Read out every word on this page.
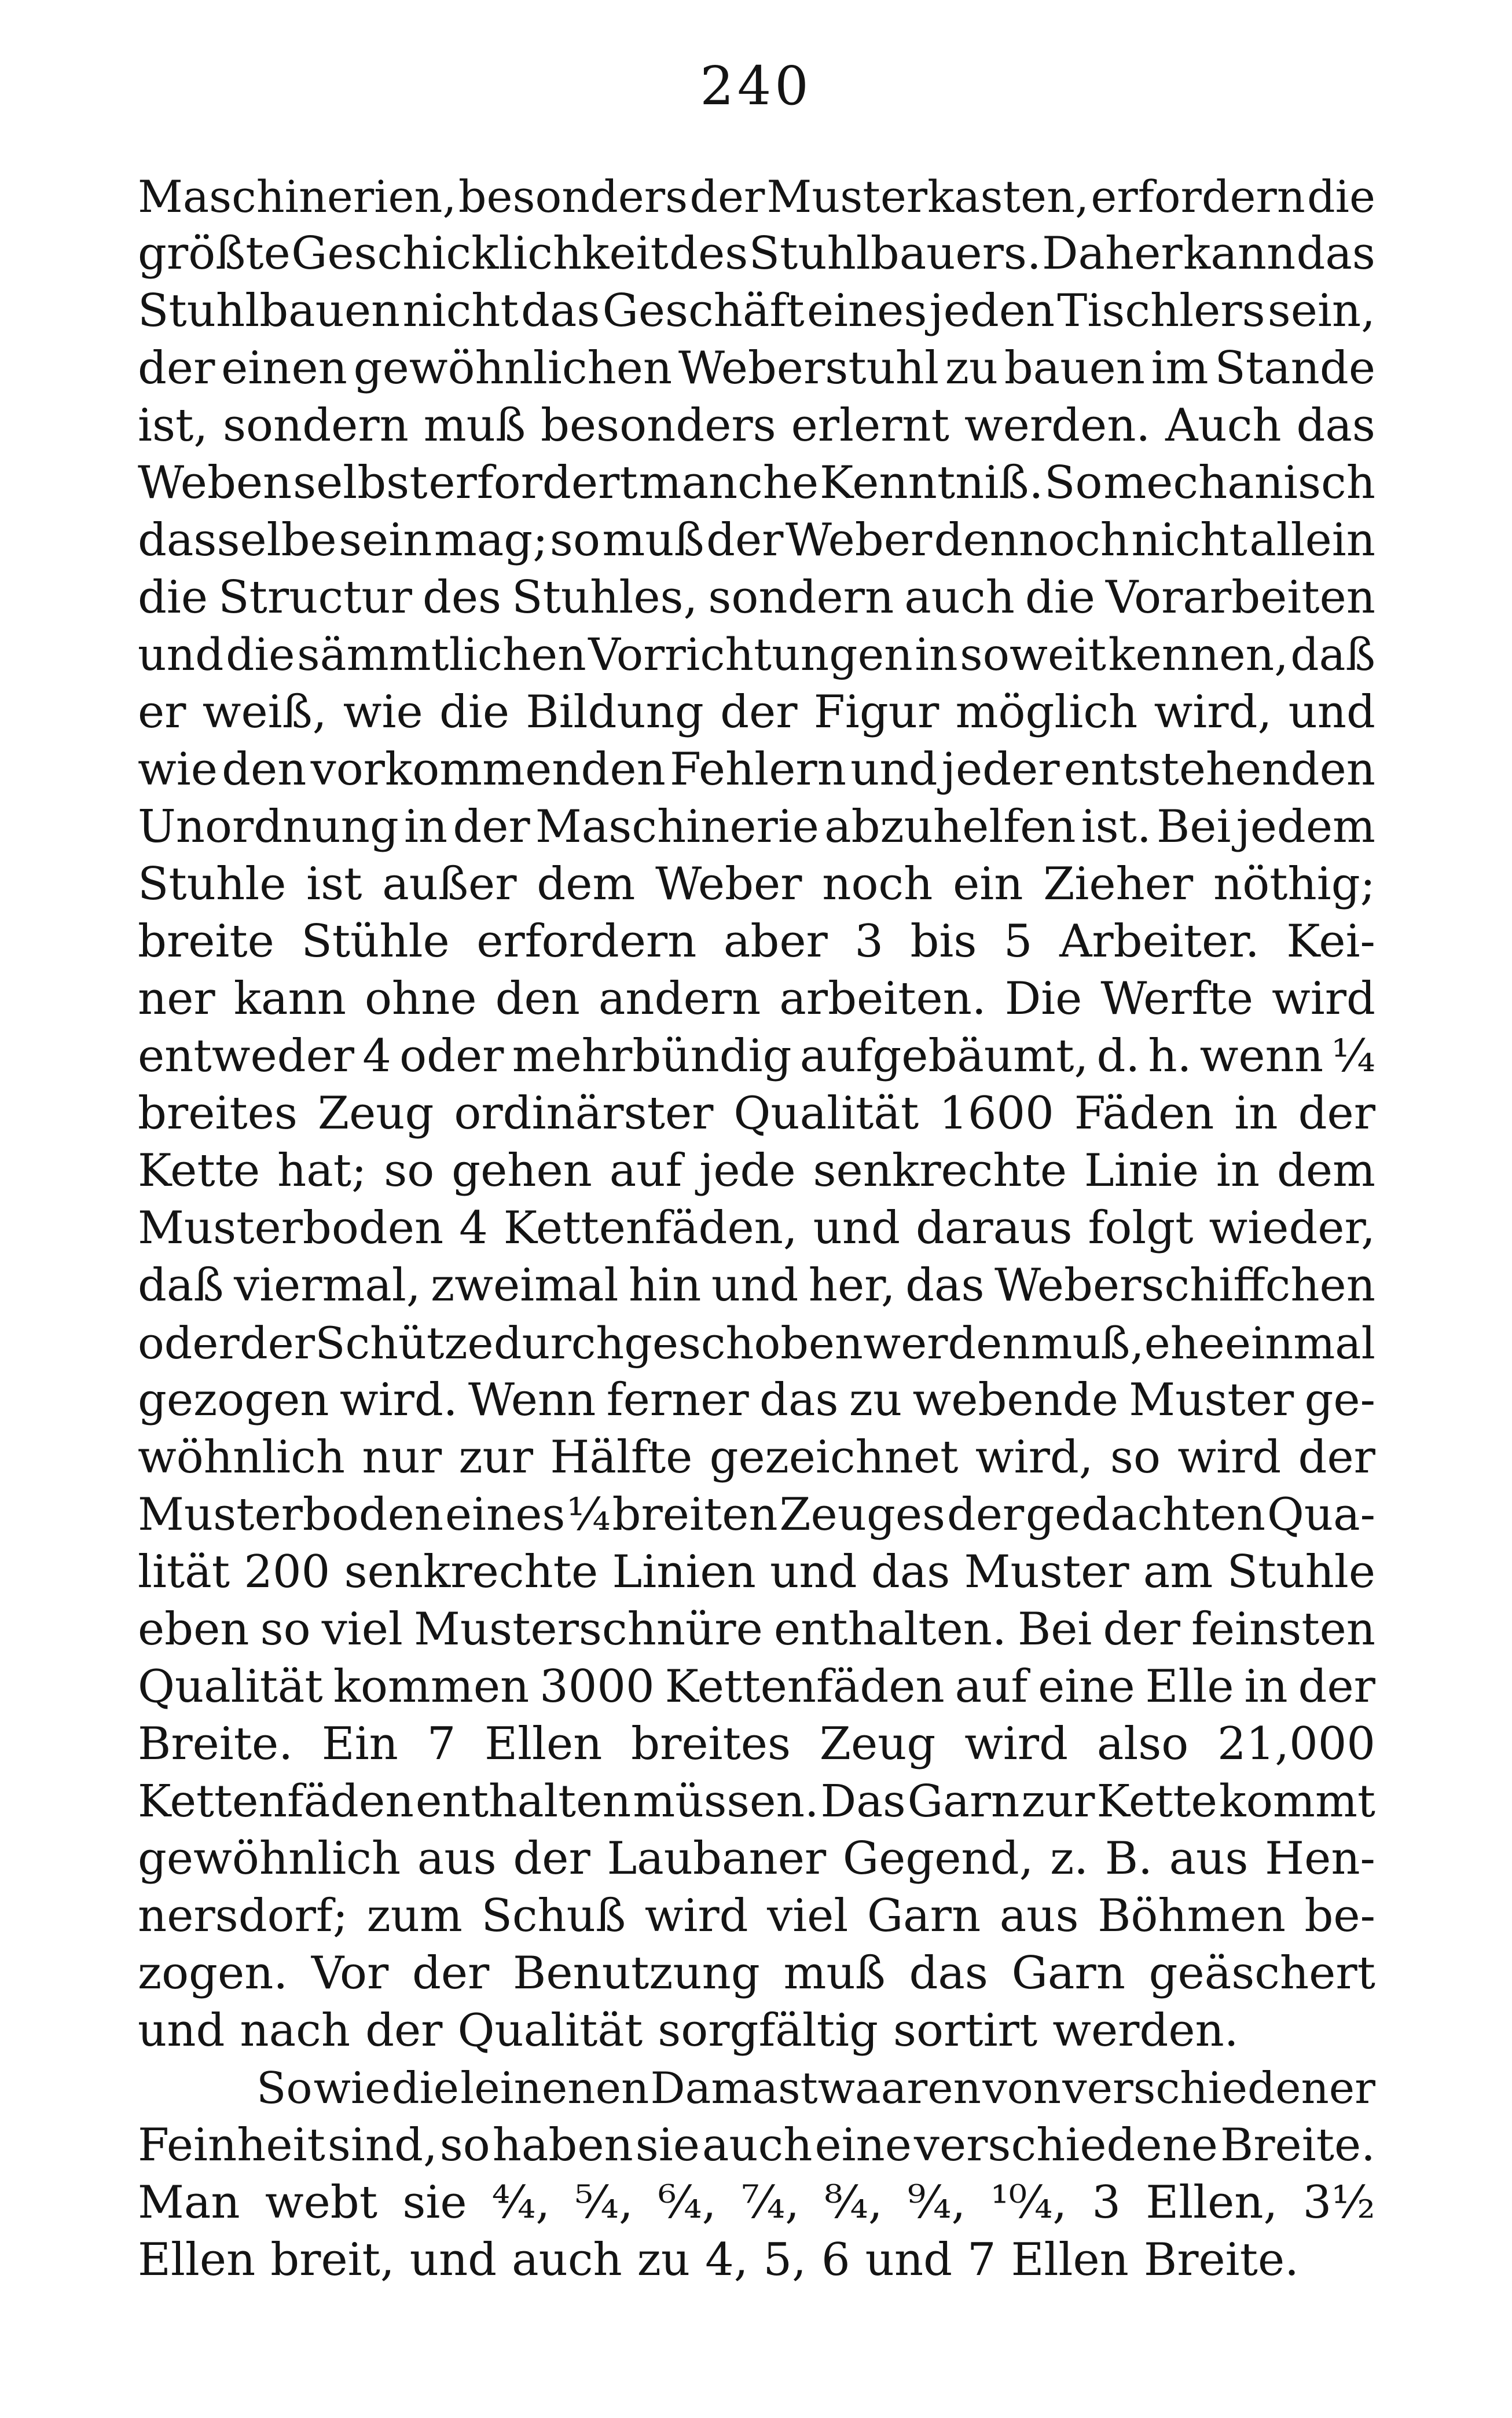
240
Maschinerien, besonders der Musterkasten, erfordern die
größte Geschicklichkeit des Stuhlbauers. Daher kann das
Stuhlbauen nicht das Geschäft eines jeden Tischlers sein,
der einen gewöhnlichen Weberstuhl zu bauen im Stande
ist, sondern muß besonders erlernt werden. Auch das
Weben selbst erfordert manche Kenntniß. So mechanisch
dasselbe sein mag; so muß der Weber dennoch nicht allein
die Structur des Stuhles, sondern auch die Vorarbeiten
und die sämmtlichen Vorrichtungen in soweit kennen, daß
er weiß, wie die Bildung der Figur möglich wird, und
wie den vorkommenden Fehlern und jeder entstehenden
Unordnung in der Maschinerie abzuhelfen ist. Bei jedem
Stuhle ist außer dem Weber noch ein Zieher nöthig;
breite Stühle erfordern aber 3 bis 5 Arbeiter. Kei-
ner kann ohne den andern arbeiten. Die Werfte wird
entweder 4 oder mehrbündig aufgebäumt, d. h. wenn ¼
breites Zeug ordinärster Qualität 1600 Fäden in der
Kette hat; so gehen auf jede senkrechte Linie in dem
Musterboden 4 Kettenfäden, und daraus folgt wieder,
daß viermal, zweimal hin und her, das Weberschiffchen
oder der Schütze durchgeschoben werden muß, ehe einmal
gezogen wird. Wenn ferner das zu webende Muster ge-
wöhnlich nur zur Hälfte gezeichnet wird, so wird der
Musterboden eines ¼ breiten Zeuges der gedachten Qua-
lität 200 senkrechte Linien und das Muster am Stuhle
eben so viel Musterschnüre enthalten. Bei der feinsten
Qualität kommen 3000 Kettenfäden auf eine Elle in der
Breite. Ein 7 Ellen breites Zeug wird also 21,000
Kettenfäden enthalten müssen. Das Garn zur Kette kommt
gewöhnlich aus der Laubaner Gegend, z. B. aus Hen-
nersdorf; zum Schuß wird viel Garn aus Böhmen be-
zogen. Vor der Benutzung muß das Garn geäschert
und nach der Qualität sorgfältig sortirt werden.
So wie die leinenen Damastwaaren von verschiedener
Feinheit sind, so haben sie auch eine verschiedene Breite.
Man webt sie ⁴⁄₄, ⁵⁄₄, ⁶⁄₄, ⁷⁄₄, ⁸⁄₄, ⁹⁄₄, ¹⁰⁄₄, 3 Ellen, 3½
Ellen breit, und auch zu 4, 5, 6 und 7 Ellen Breite.
